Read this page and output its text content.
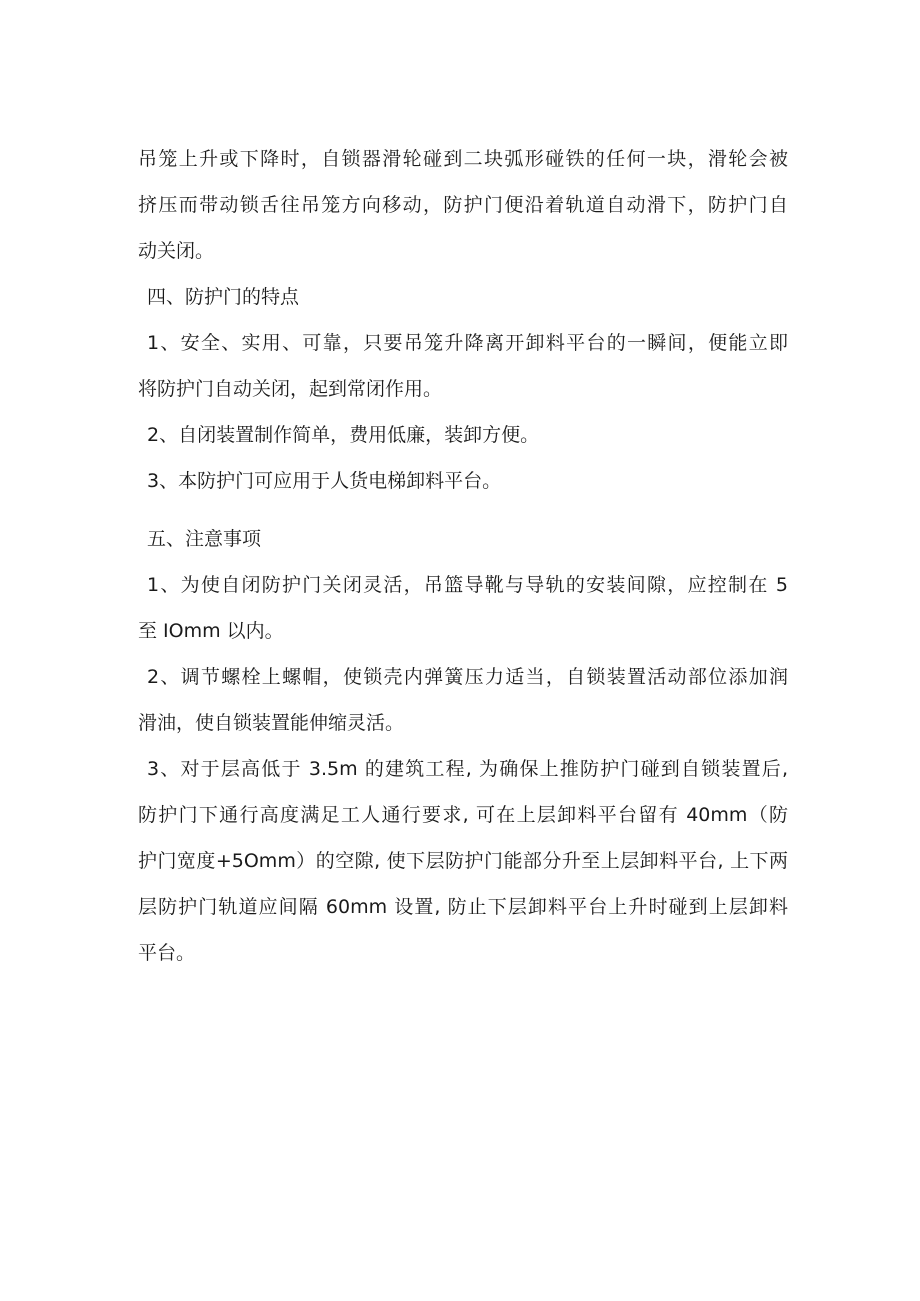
吊笼上升或下降时，自锁器滑轮碰到二块弧形碰铁的任何一块，滑轮会被
挤压而带动锁舌往吊笼方向移动，防护门便沿着轨道自动滑下，防护门自
动关闭。

四、防护门的特点

1、安全、实用、可靠，只要吊笼升降离开卸料平台的一瞬间，便能立即

将防护门自动关闭，起到常闭作用。

2、自闭装置制作简单，费用低廉，装卸方便。

3、本防护门可应用于人货电梯卸料平台。

五、注意事项

1、为使自闭防护门关闭灵活，吊篮导靴与导轨的安装间隙，应控制在 5

至 IOmm 以内。

2、调节螺栓上螺帽，使锁壳内弹簧压力适当，自锁装置活动部位添加润

滑油，使自锁装置能伸缩灵活。

3、对于层高低于 3.5m 的建筑工程, 为确保上推防护门碰到自锁装置后,

防护门下通行高度满足工人通行要求, 可在上层卸料平台留有 40mm（防
护门宽度+5Omm）的空隙, 使下层防护门能部分升至上层卸料平台, 上下两
层防护门轨道应间隔 60mm 设置, 防止下层卸料平台上升时碰到上层卸料
平台。
